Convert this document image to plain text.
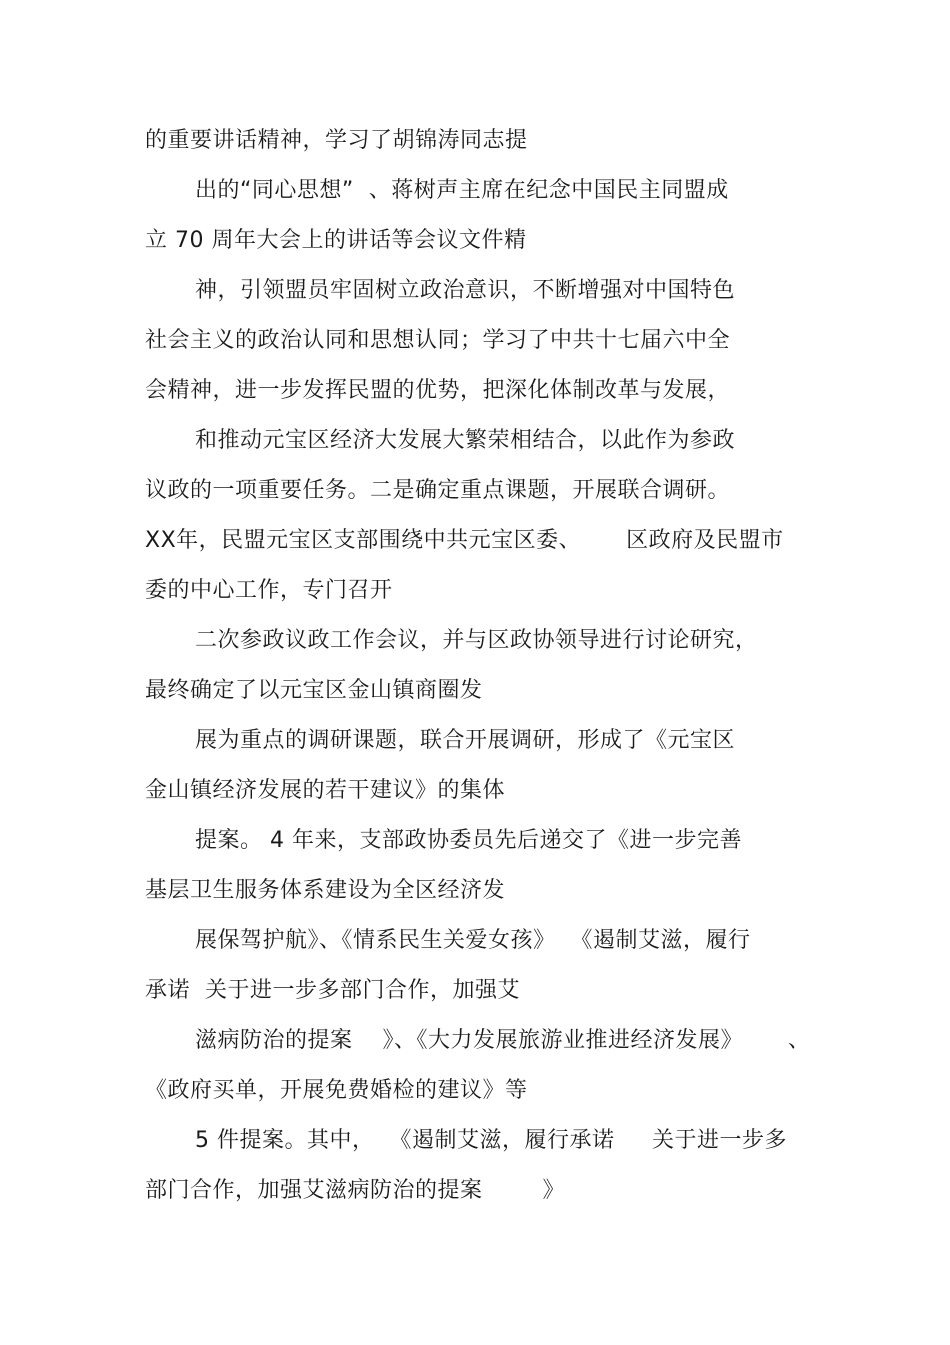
的重要讲话精神，学习了胡锦涛同志提
出的“同心思想”  、蒋树声主席在纪念中国民主同盟成
立 70 周年大会上的讲话等会议文件精
神，引领盟员牢固树立政治意识，不断增强对中国特色
社会主义的政治认同和思想认同；学习了中共十七届六中全
会精神，进一步发挥民盟的优势，把深化体制改革与发展，
和推动元宝区经济大发展大繁荣相结合，以此作为参政
议政的一项重要任务。二是确定重点课题，开展联合调研。
XX年，民盟元宝区支部围绕中共元宝区委、      区政府及民盟市
委的中心工作，专门召开
二次参政议政工作会议，并与区政协领导进行讨论研究，
最终确定了以元宝区金山镇商圈发
展为重点的调研课题，联合开展调研，形成了《元宝区
金山镇经济发展的若干建议》的集体
提案。 4 年来，支部政协委员先后递交了《进一步完善
基层卫生服务体系建设为全区经济发
展保驾护航》、《情系民生关爱女孩》  《遏制艾滋，履行
承诺  关于进一步多部门合作，加强艾
滋病防治的提案    》、《大力发展旅游业推进经济发展》      、
《政府买单，开展免费婚检的建议》等
5 件提案。其中，  《遏制艾滋，履行承诺     关于进一步多
部门合作，加强艾滋病防治的提案        》
